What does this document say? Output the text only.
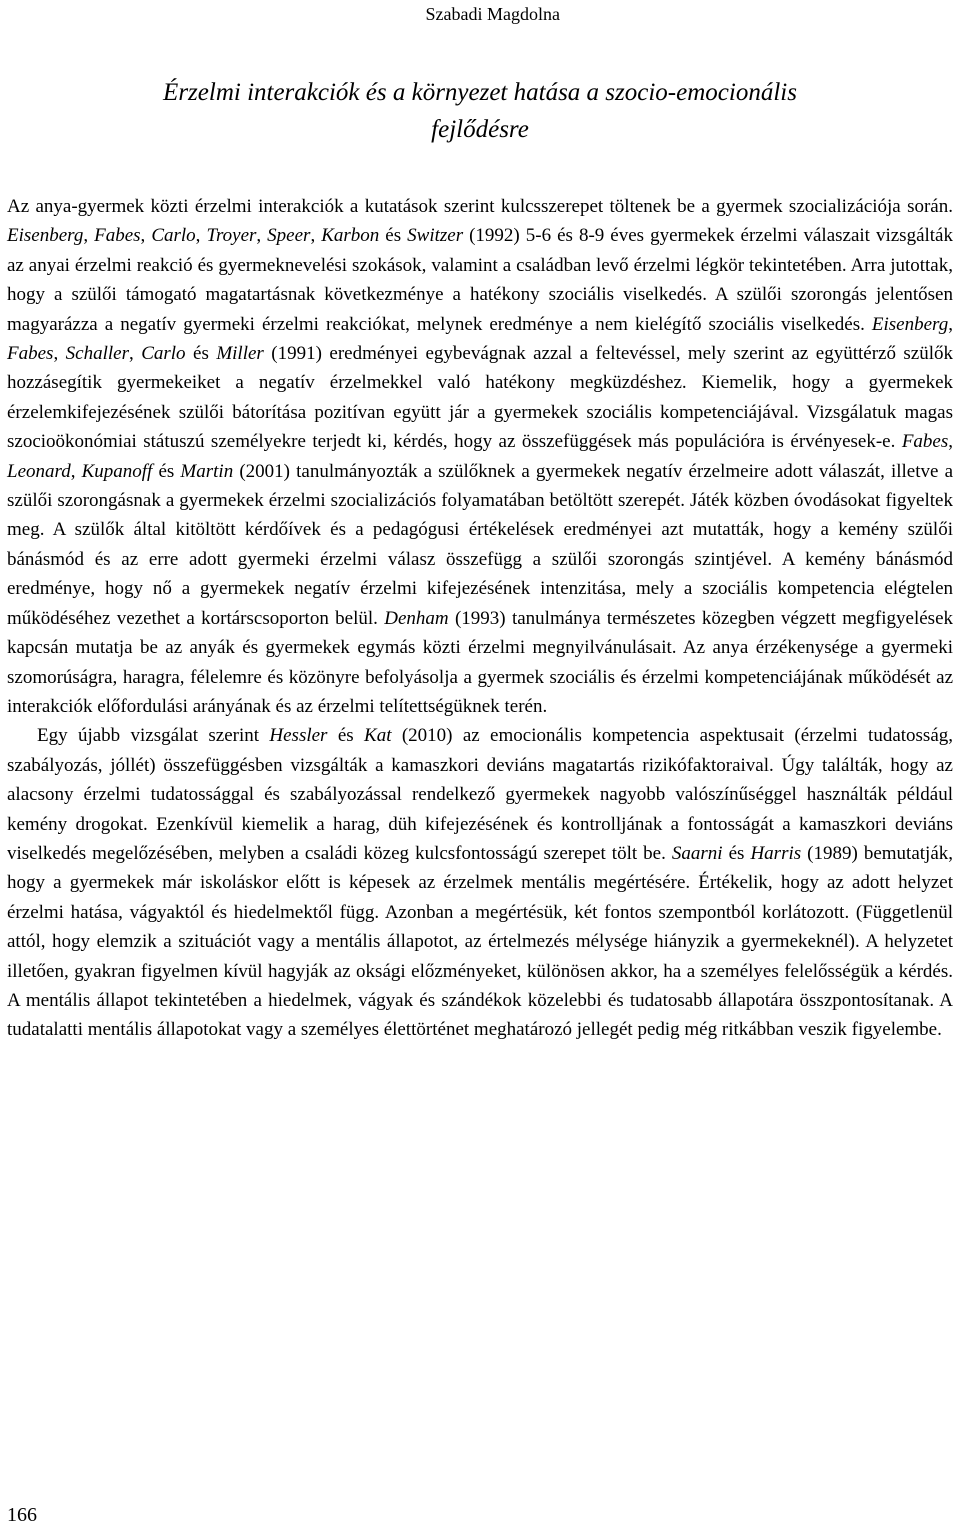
Szabadi Magdolna
Érzelmi interakciók és a környezet hatása a szocio-emocionális
fejlődésre

Az anya-gyermek közti érzelmi interakciók a kutatások szerint kulcsszerepet töltenek be a gyermek szocializációja során. Eisenberg, Fabes, Carlo, Troyer, Speer, Karbon és Switzer (1992) 5-6 és 8-9 éves gyermekek érzelmi válaszait vizsgálták az anyai érzelmi reakció és gyermeknevelési szokások, valamint a családban levő érzelmi légkör tekintetében. Arra jutottak, hogy a szülői támogató magatartásnak következménye a hatékony szociális viselkedés. A szülői szorongás jelentősen magyarázza a negatív gyermeki érzelmi reakciókat, melynek eredménye a nem kielégítő szociális viselkedés. Eisenberg, Fabes, Schaller, Carlo és Miller (1991) eredményei egybevágnak azzal a feltevéssel, mely szerint az együttérző szülők hozzásegítik gyermekeiket a negatív érzelmekkel való hatékony megküzdéshez. Kiemelik, hogy a gyermekek érzelemkifejezésének szülői bátorítása pozitívan együtt jár a gyermekek szociális kompetenciájával. Vizsgálatuk magas szocioökonómiai státuszú személyekre terjedt ki, kérdés, hogy az összefüggések más populációra is érvényesek-e. Fabes, Leonard, Kupanoff és Martin (2001) tanulmányozták a szülőknek a gyermekek negatív érzelmeire adott válaszát, illetve a szülői szorongásnak a gyermekek érzelmi szocializációs folyamatában betöltött szerepét. Játék közben óvodásokat figyeltek meg. A szülők által kitöltött kérdőívek és a pedagógusi értékelések eredményei azt mutatták, hogy a kemény szülői bánásmód és az erre adott gyermeki érzelmi válasz összefügg a szülői szorongás szintjével. A kemény bánásmód eredménye, hogy nő a gyermekek negatív érzelmi kifejezésének intenzitása, mely a szociális kompetencia elégtelen működéséhez vezethet a kortárscsoporton belül. Denham (1993) tanulmánya természetes közegben végzett megfigyelések kapcsán mutatja be az anyák és gyermekek egymás közti érzelmi megnyilvánulásait. Az anya érzékenysége a gyermeki szomorúságra, haragra, félelemre és közönyre befolyásolja a gyermek szociális és érzelmi kompetenciájának működését az interakciók előfordulási arányának és az érzelmi telítettségüknek terén.

Egy újabb vizsgálat szerint Hessler és Kat (2010) az emocionális kompetencia aspektusait (érzelmi tudatosság, szabályozás, jóllét) összefüggésben vizsgálták a kamaszkori deviáns magatartás rizikófaktoraival. Úgy találták, hogy az alacsony érzelmi tudatossággal és szabályozással rendelkező gyermekek nagyobb valószínűséggel használták például kemény drogokat. Ezenkívül kiemelik a harag, düh kifejezésének és kontrolljának a fontosságát a kamaszkori deviáns viselkedés megelőzésében, melyben a családi közeg kulcsfontosságú szerepet tölt be. Saarni és Harris (1989) bemutatják, hogy a gyermekek már iskoláskor előtt is képesek az érzelmek mentális megértésére. Értékelik, hogy az adott helyzet érzelmi hatása, vágyaktól és hiedelmektől függ. Azonban a megértésük, két fontos szempontból korlátozott. (Függetlenül attól, hogy elemzik a szituációt vagy a mentális állapotot, az értelmezés mélysége hiányzik a gyermekeknél). A helyzetet illetően, gyakran figyelmen kívül hagyják az oksági előzményeket, különösen akkor, ha a személyes felelősségük a kérdés. A mentális állapot tekintetében a hiedelmek, vágyak és szándékok közelebbi és tudatosabb állapotára összpontosítanak. A tudatalatti mentális állapotokat vagy a személyes élettörténet meghatározó jellegét pedig még ritkábban veszik figyelembe.

166
